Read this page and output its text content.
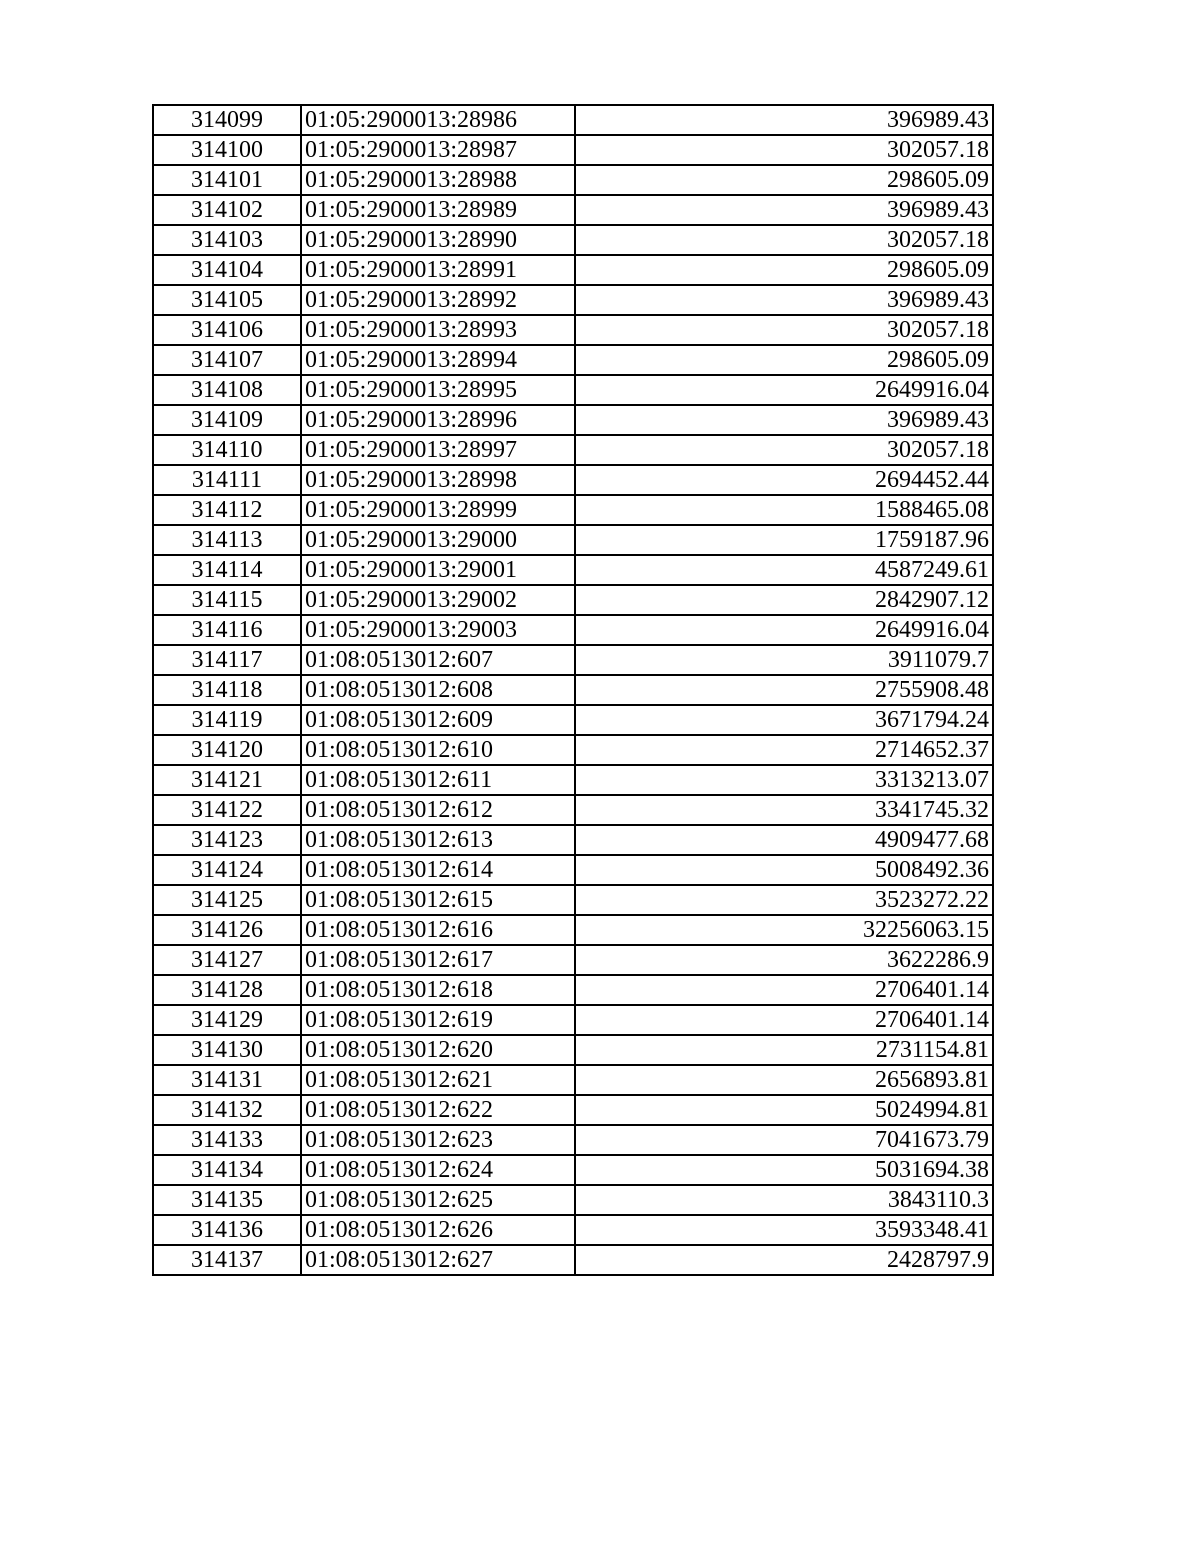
314099	01:05:2900013:28986	396989.43
314100	01:05:2900013:28987	302057.18
314101	01:05:2900013:28988	298605.09
314102	01:05:2900013:28989	396989.43
314103	01:05:2900013:28990	302057.18
314104	01:05:2900013:28991	298605.09
314105	01:05:2900013:28992	396989.43
314106	01:05:2900013:28993	302057.18
314107	01:05:2900013:28994	298605.09
314108	01:05:2900013:28995	2649916.04
314109	01:05:2900013:28996	396989.43
314110	01:05:2900013:28997	302057.18
314111	01:05:2900013:28998	2694452.44
314112	01:05:2900013:28999	1588465.08
314113	01:05:2900013:29000	1759187.96
314114	01:05:2900013:29001	4587249.61
314115	01:05:2900013:29002	2842907.12
314116	01:05:2900013:29003	2649916.04
314117	01:08:0513012:607	3911079.7
314118	01:08:0513012:608	2755908.48
314119	01:08:0513012:609	3671794.24
314120	01:08:0513012:610	2714652.37
314121	01:08:0513012:611	3313213.07
314122	01:08:0513012:612	3341745.32
314123	01:08:0513012:613	4909477.68
314124	01:08:0513012:614	5008492.36
314125	01:08:0513012:615	3523272.22
314126	01:08:0513012:616	32256063.15
314127	01:08:0513012:617	3622286.9
314128	01:08:0513012:618	2706401.14
314129	01:08:0513012:619	2706401.14
314130	01:08:0513012:620	2731154.81
314131	01:08:0513012:621	2656893.81
314132	01:08:0513012:622	5024994.81
314133	01:08:0513012:623	7041673.79
314134	01:08:0513012:624	5031694.38
314135	01:08:0513012:625	3843110.3
314136	01:08:0513012:626	3593348.41
314137	01:08:0513012:627	2428797.9
